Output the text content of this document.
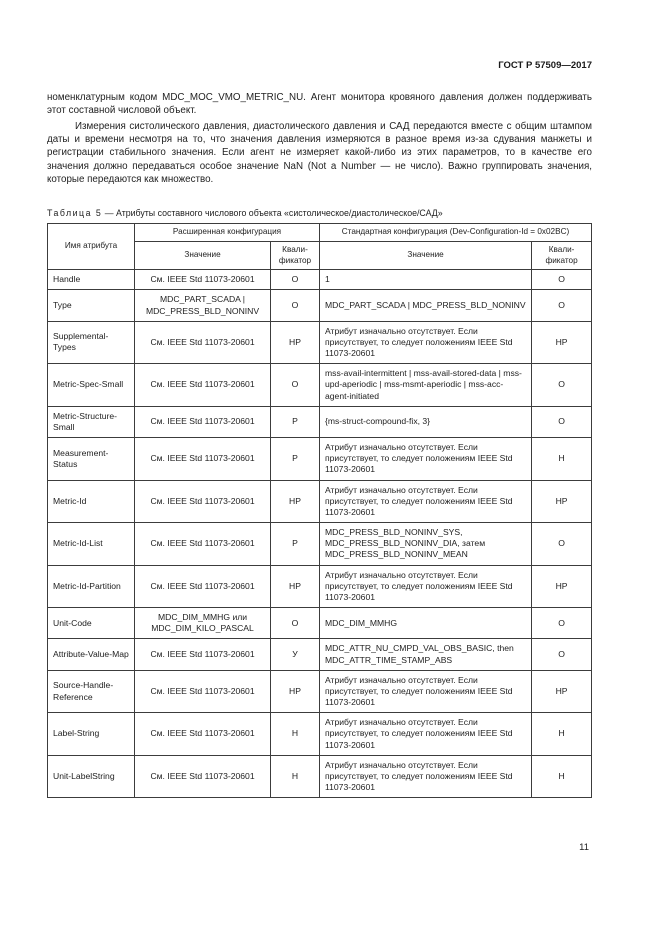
ГОСТ Р 57509—2017

номенклатурным кодом MDC_MOC_VMO_METRIC_NU. Агент монитора кровяного давления должен поддерживать этот составной числовой объект.

Измерения систолического давления, диастолического давления и САД передаются вместе с общим штампом даты и времени несмотря на то, что значения давления измеряются в разное время из-за сдувания манжеты и регистрации стабильного значения. Если агент не измеряет какой-либо из этих параметров, то в качестве его значения должно передаваться особое значение NaN (Not a Number — не число). Важно группировать значения, которые передаются как множество.

Таблица 5 — Атрибуты составного числового объекта «систолическое/диастолическое/САД»
Имя атрибута	Расширенная конфигурация		Стандартная конфигурация (Dev-Configuration-Id = 0x02BC)	
	Значение	Квали-фикатор	Значение	Квали-фикатор
Handle	См. IEEE Std 11073-20601	О	1	О
Type	MDC_PART_SCADA | MDC_PRESS_BLD_NONINV	О	MDC_PART_SCADA | MDC_PRESS_BLD_NONINV	О
Supplemental-Types	См. IEEE Std 11073-20601	НР	Атрибут изначально отсутствует. Если присутствует, то следует положениям IEEE Std 11073-20601	НР
Metric-Spec-Small	См. IEEE Std 11073-20601	О	mss-avail-intermittent | mss-avail-stored-data | mss-upd-aperiodic | mss-msmt-aperiodic | mss-acc-agent-initiated	О
Metric-Structure-Small	См. IEEE Std 11073-20601	Р	{ms-struct-compound-fix, 3}	О
Measurement-Status	См. IEEE Std 11073-20601	Р	Атрибут изначально отсутствует. Если присутствует, то следует положениям IEEE Std 11073-20601	Н
Metric-Id	См. IEEE Std 11073-20601	НР	Атрибут изначально отсутствует. Если присутствует, то следует положениям IEEE Std 11073-20601	НР
Metric-Id-List	См. IEEE Std 11073-20601	Р	MDC_PRESS_BLD_NONINV_SYS, MDC_PRESS_BLD_NONINV_DIA, затем MDC_PRESS_BLD_NONINV_MEAN	О
Metric-Id-Partition	См. IEEE Std 11073-20601	НР	Атрибут изначально отсутствует. Если присутствует, то следует положениям IEEE Std 11073-20601	НР
Unit-Code	MDC_DIM_MMHG или MDC_DIM_KILO_PASCAL	О	MDC_DIM_MMHG	О
Attribute-Value-Map	См. IEEE Std 11073-20601	У	MDC_ATTR_NU_CMPD_VAL_OBS_BASIC, then MDC_ATTR_TIME_STAMP_ABS	О
Source-Handle-Reference	См. IEEE Std 11073-20601	НР	Атрибут изначально отсутствует. Если присутствует, то следует положениям IEEE Std 11073-20601	НР
Label-String	См. IEEE Std 11073-20601	Н	Атрибут изначально отсутствует. Если присутствует, то следует положениям IEEE Std 11073-20601	Н
Unit-LabelString	См. IEEE Std 11073-20601	Н	Атрибут изначально отсутствует. Если присутствует, то следует положениям IEEE Std 11073-20601	Н
11
